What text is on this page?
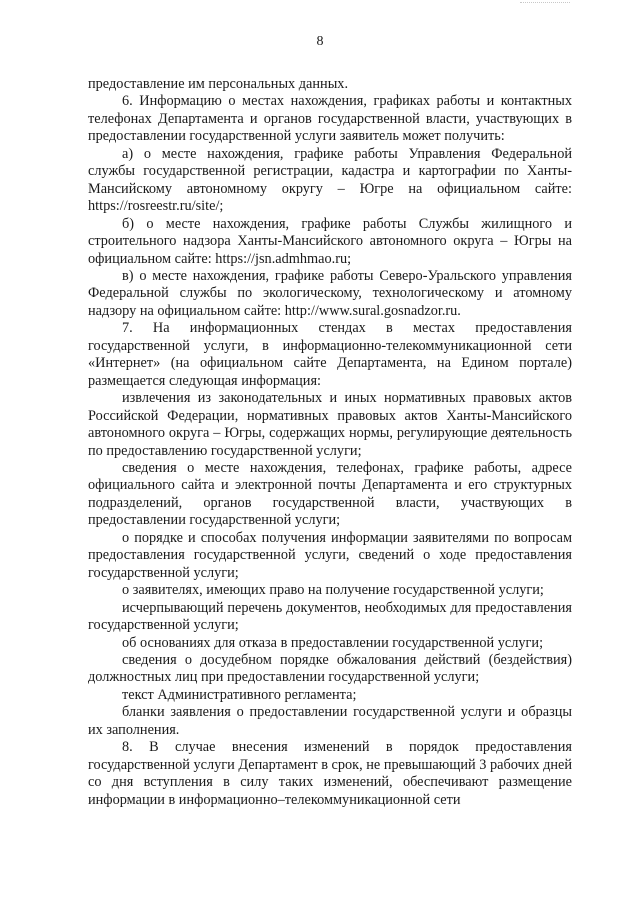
8

предоставление им персональных данных.

6. Информацию о местах нахождения, графиках работы и контактных телефонах Департамента и органов государственной власти, участвующих в предоставлении государственной услуги заявитель может получить:

а) о месте нахождения, графике работы Управления Федеральной службы государственной регистрации, кадастра и картографии по Ханты-Мансийскому автономному округу – Югре на официальном сайте: https://rosreestr.ru/site/;

б) о месте нахождения, графике работы Службы жилищного и строительного надзора Ханты-Мансийского автономного округа – Югры на официальном сайте: https://jsn.admhmao.ru;

в) о месте нахождения, графике работы Северо-Уральского управления Федеральной службы по экологическому, технологическому и атомному надзору на официальном сайте: http://www.sural.gosnadzor.ru.

7. На информационных стендах в местах предоставления государственной услуги, в информационно-телекоммуникационной сети «Интернет» (на официальном сайте Департамента, на Едином портале) размещается следующая информация:

извлечения из законодательных и иных нормативных правовых актов Российской Федерации, нормативных правовых актов Ханты-Мансийского автономного округа – Югры, содержащих нормы, регулирующие деятельность по предоставлению государственной услуги;

сведения о месте нахождения, телефонах, графике работы, адресе официального сайта и электронной почты Департамента и его структурных подразделений, органов государственной власти, участвующих в предоставлении государственной услуги;

о порядке и способах получения информации заявителями по вопросам предоставления государственной услуги, сведений о ходе предоставления государственной услуги;

о заявителях, имеющих право на получение государственной услуги;

исчерпывающий перечень документов, необходимых для предоставления государственной услуги;

об основаниях для отказа в предоставлении государственной услуги;

сведения о досудебном порядке обжалования действий (бездействия) должностных лиц при предоставлении государственной услуги;

текст Административного регламента;

бланки заявления о предоставлении государственной услуги и образцы их заполнения.

8. В случае внесения изменений в порядок предоставления государственной услуги Департамент в срок, не превышающий 3 рабочих дней со дня вступления в силу таких изменений, обеспечивают размещение информации в информационно–телекоммуникационной сети
